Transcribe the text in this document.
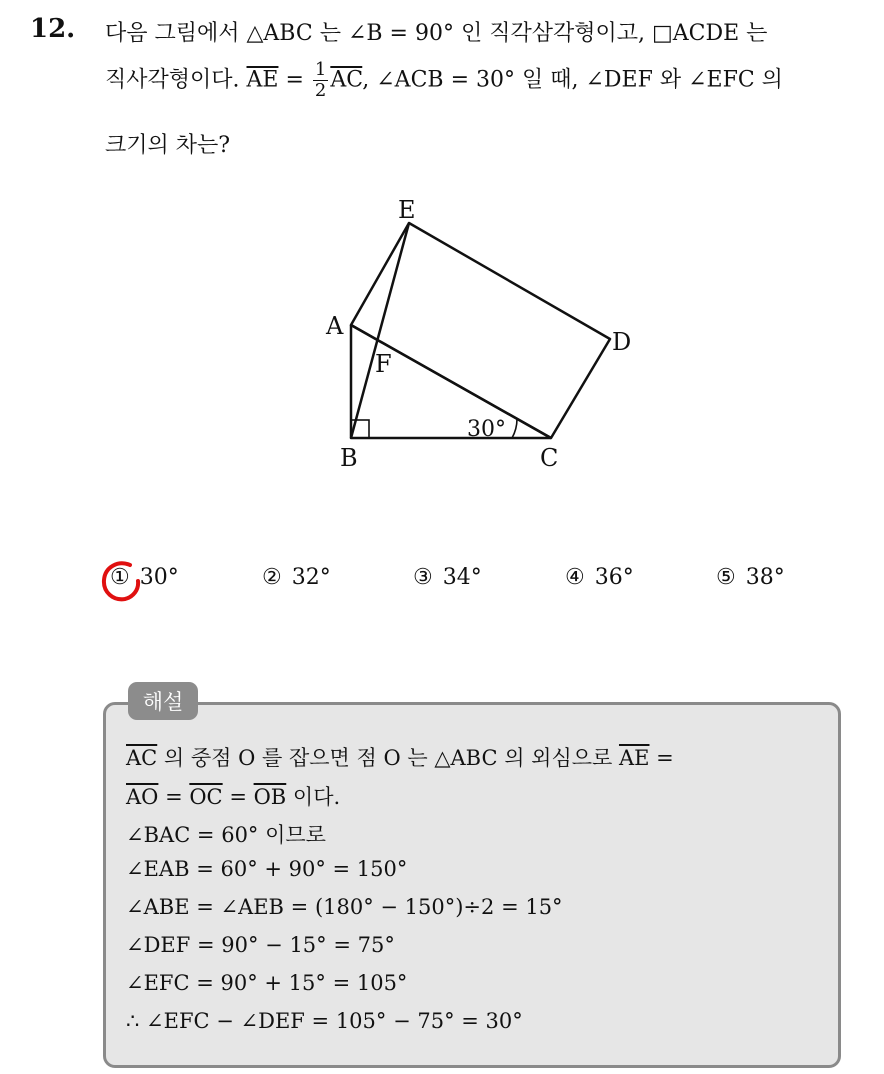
12. 다음 그림에서 △ABC 는 ∠B = 90° 인 직각삼각형이고, □ACDE 는
직사각형이다. $\overline{AE} = \frac{1}{2} \overline{AC}$, ∠ACB = 30° 일 때, ∠DEF 와 ∠EFC 의
크기의 차는?
E
A
D
F
B	C
30°
① 30°	② 32°	③ 34°	④ 36°	⑤ 38°
해설
$\overline{AC}$ 의 중점 O 를 잡으면 점 O 는 △ABC 의 외심으로 $\overline{AE}$ =
$\overline{AO} = \overline{OC} = \overline{OB}$ 이다.
∠BAC = 60° 이므로
∠EAB = 60° + 90° = 150°
∠ABE = ∠AEB = (180° − 150°)÷2 = 15°
∠DEF = 90° − 15° = 75°
∠EFC = 90° + 15° = 105°
∴ ∠EFC − ∠DEF = 105° − 75° = 30°
